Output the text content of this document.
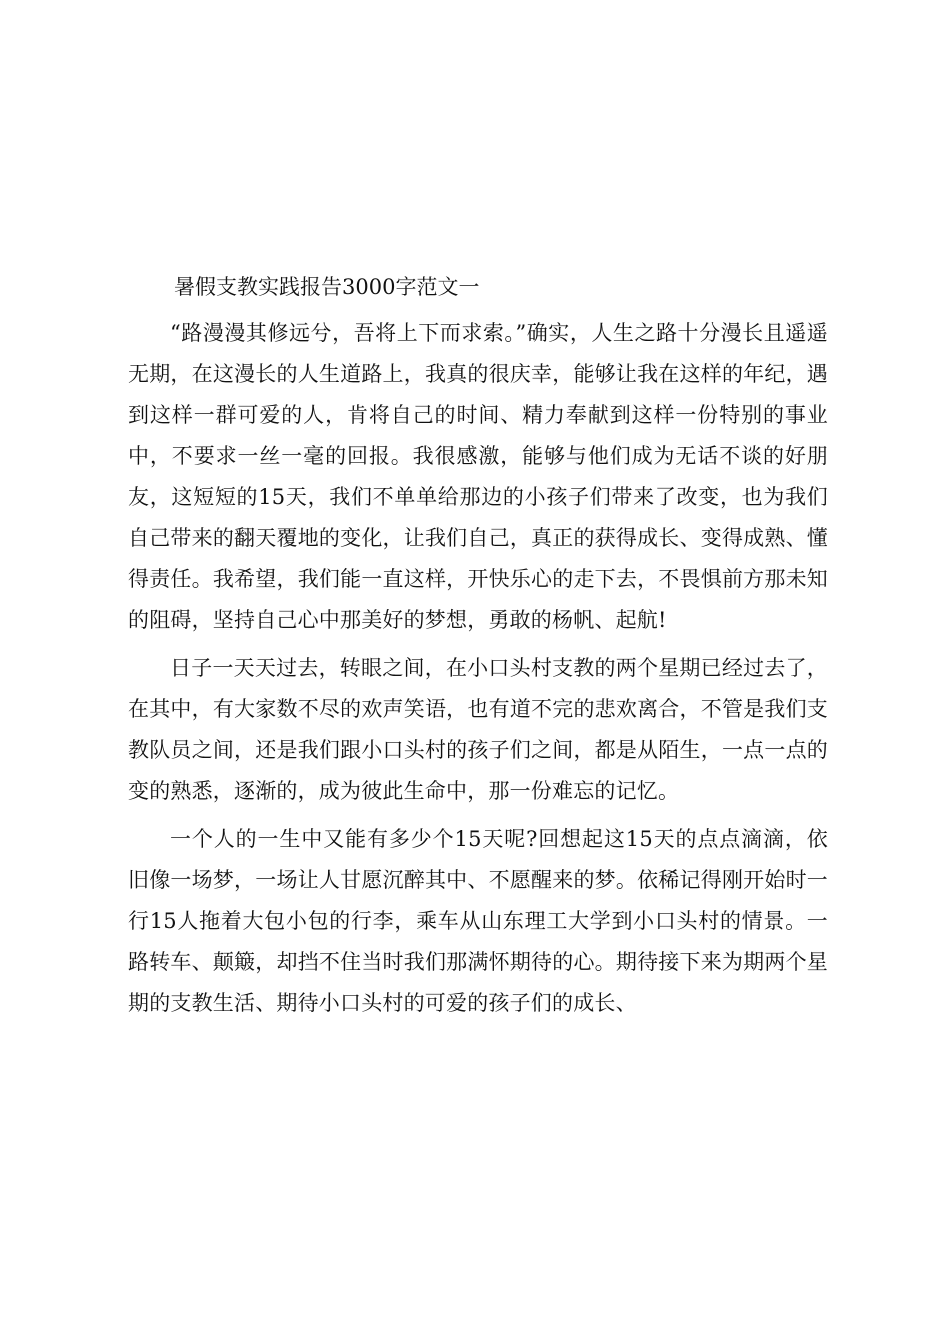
暑假支教实践报告3000字范文一

“路漫漫其修远兮，吾将上下而求索。”确实，人生之路十分漫长且遥遥无期，在这漫长的人生道路上，我真的很庆幸，能够让我在这样的年纪，遇到这样一群可爱的人，肯将自己的时间、精力奉献到这样一份特别的事业中，不要求一丝一毫的回报。我很感激，能够与他们成为无话不谈的好朋友，这短短的15天，我们不单单给那边的小孩子们带来了改变，也为我们自己带来的翻天覆地的变化，让我们自己，真正的获得成长、变得成熟、懂得责任。我希望，我们能一直这样，开快乐心的走下去，不畏惧前方那未知的阻碍，坚持自己心中那美好的梦想，勇敢的杨帆、起航!

日子一天天过去，转眼之间，在小口头村支教的两个星期已经过去了，在其中，有大家数不尽的欢声笑语，也有道不完的悲欢离合，不管是我们支教队员之间，还是我们跟小口头村的孩子们之间，都是从陌生，一点一点的变的熟悉，逐渐的，成为彼此生命中，那一份难忘的记忆。

一个人的一生中又能有多少个15天呢?回想起这15天的点点滴滴，依旧像一场梦，一场让人甘愿沉醉其中、不愿醒来的梦。依稀记得刚开始时一行15人拖着大包小包的行李，乘车从山东理工大学到小口头村的情景。一路转车、颠簸，却挡不住当时我们那满怀期待的心。期待接下来为期两个星期的支教生活、期待小口头村的可爱的孩子们的成长、
